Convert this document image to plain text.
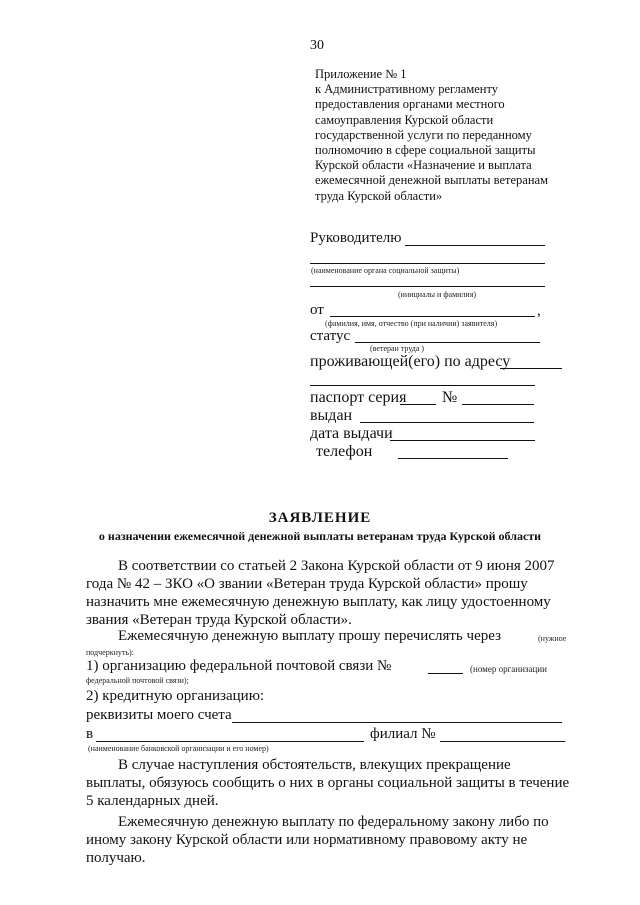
30
Приложение № 1
к Административному регламенту
предоставления органами местного
самоуправления Курской области
государственной услуги по переданному
полномочию в сфере социальной защиты
Курской области «Назначение и выплата
ежемесячной денежной выплаты ветеранам
труда Курской области»
Руководителю
(наименование органа социальной защиты)
(инициалы и фамилия)
от	,
(фамилия, имя, отчество (при наличии) заявителя)
статус
(ветеран труда )
проживающей(его) по адресу
паспорт серия №
выдан
дата выдачи
телефон
ЗАЯВЛЕНИЕ
о назначении ежемесячной денежной выплаты ветеранам труда Курской области
В соответствии со статьей 2 Закона Курской области от 9 июня 2007
года № 42 – ЗКО «О звании «Ветеран труда Курской области» прошу
назначить мне ежемесячную денежную выплату, как лицу удостоенному
звания «Ветеран труда Курской области».
Ежемесячную денежную выплату прошу перечислять через	(нужное
подчеркнуть):
1) организацию федеральной почтовой связи №	(номер организации
федеральной почтовой связи);
2) кредитную организацию:
реквизиты моего счета
в	филиал №
(наименование банковской организации и его номер)
В случае наступления обстоятельств, влекущих прекращение
выплаты, обязуюсь сообщить о них в органы социальной защиты в течение
5 календарных дней.
Ежемесячную денежную выплату по федеральному закону либо по
иному закону Курской области или нормативному правовому акту не
получаю.
